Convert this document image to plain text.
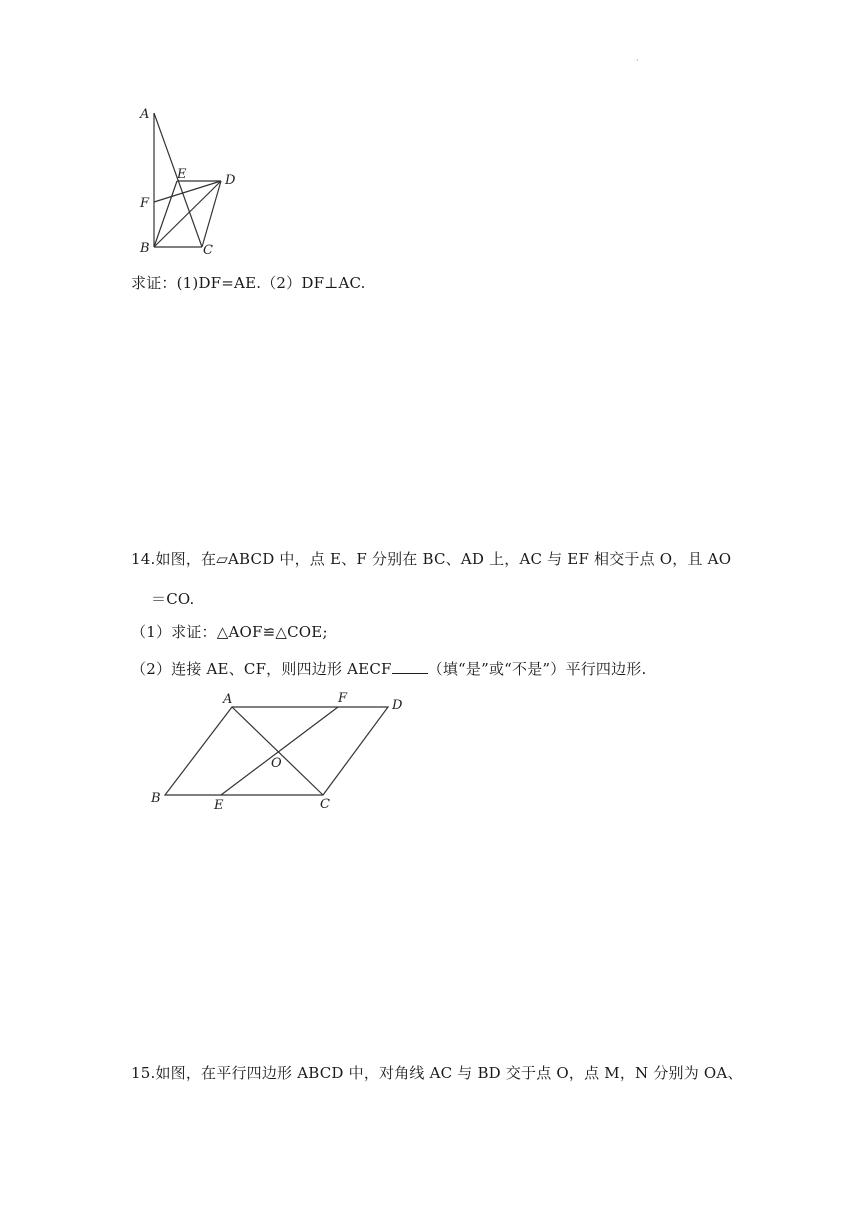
·
A
E	D
F
B	C
求证：(1)DF=AE.（2）DF⊥AC.
14.如图，在▱ABCD 中，点 E、F 分别在 BC、AD 上，AC 与 EF 相交于点 O，且 AO
＝CO.
（1）求证：△AOF≌△COE;
（2）连接 AE、CF，则四边形 AECF （填“是”或“不是”）平行四边形.
A	F	D
O
B	E	C
15.如图，在平行四边形 ABCD 中，对角线 AC 与 BD 交于点 O，点 M，N 分别为 OA、
